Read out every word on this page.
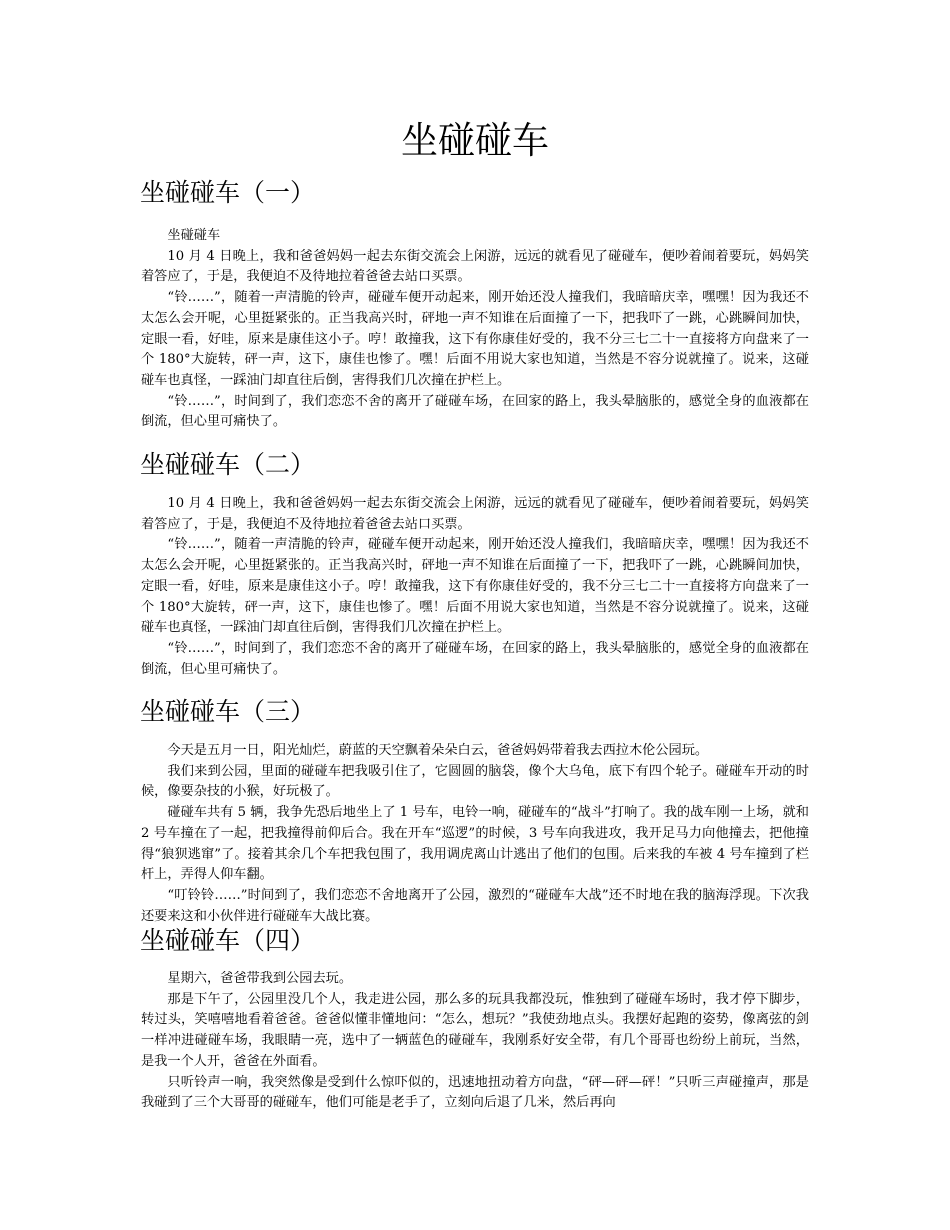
坐碰碰车
坐碰碰车（一）

坐碰碰车

10 月 4 日晚上，我和爸爸妈妈一起去东街交流会上闲游，远远的就看见了碰碰车，便吵着闹着要玩，妈妈笑着答应了，于是，我便迫不及待地拉着爸爸去站口买票。

“铃……”，随着一声清脆的铃声，碰碰车便开动起来，刚开始还没人撞我们，我暗暗庆幸，嘿嘿！因为我还不太怎么会开呢，心里挺紧张的。正当我高兴时，砰地一声不知谁在后面撞了一下，把我吓了一跳，心跳瞬间加快，定眼一看，好哇，原来是康佳这小子。哼！敢撞我，这下有你康佳好受的，我不分三七二十一直接将方向盘来了一个 180°大旋转，砰一声，这下，康佳也惨了。嘿！后面不用说大家也知道，当然是不容分说就撞了。说来，这碰碰车也真怪，一踩油门却直往后倒，害得我们几次撞在护栏上。

“铃……”，时间到了，我们恋恋不舍的离开了碰碰车场，在回家的路上，我头晕脑胀的，感觉全身的血液都在倒流，但心里可痛快了。

坐碰碰车（二）

10 月 4 日晚上，我和爸爸妈妈一起去东街交流会上闲游，远远的就看见了碰碰车，便吵着闹着要玩，妈妈笑着答应了，于是，我便迫不及待地拉着爸爸去站口买票。

“铃……”，随着一声清脆的铃声，碰碰车便开动起来，刚开始还没人撞我们，我暗暗庆幸，嘿嘿！因为我还不太怎么会开呢，心里挺紧张的。正当我高兴时，砰地一声不知谁在后面撞了一下，把我吓了一跳，心跳瞬间加快，定眼一看，好哇，原来是康佳这小子。哼！敢撞我，这下有你康佳好受的，我不分三七二十一直接将方向盘来了一个 180°大旋转，砰一声，这下，康佳也惨了。嘿！后面不用说大家也知道，当然是不容分说就撞了。说来，这碰碰车也真怪，一踩油门却直往后倒，害得我们几次撞在护栏上。

“铃……”，时间到了，我们恋恋不舍的离开了碰碰车场，在回家的路上，我头晕脑胀的，感觉全身的血液都在倒流，但心里可痛快了。

坐碰碰车（三）

今天是五月一日，阳光灿烂，蔚蓝的天空飘着朵朵白云，爸爸妈妈带着我去西拉木伦公园玩。

我们来到公园，里面的碰碰车把我吸引住了，它圆圆的脑袋，像个大乌龟，底下有四个轮子。碰碰车开动的时候，像要杂技的小猴，好玩极了。

碰碰车共有 5 辆，我争先恐后地坐上了 1 号车，电铃一响，碰碰车的“战斗”打响了。我的战车刚一上场，就和 2 号车撞在了一起，把我撞得前仰后合。我在开车“巡逻”的时候，3 号车向我进攻，我开足马力向他撞去，把他撞得“狼狈逃窜”了。接着其余几个车把我包围了，我用调虎离山计逃出了他们的包围。后来我的车被 4 号车撞到了栏杆上，弄得人仰车翻。

“叮铃铃……”时间到了，我们恋恋不舍地离开了公园，激烈的“碰碰车大战”还不时地在我的脑海浮现。下次我还要来这和小伙伴进行碰碰车大战比赛。

坐碰碰车（四）

星期六，爸爸带我到公园去玩。

那是下午了，公园里没几个人，我走进公园，那么多的玩具我都没玩，惟独到了碰碰车场时，我才停下脚步，转过头，笑嘻嘻地看着爸爸。爸爸似懂非懂地问：“怎么，想玩？”我使劲地点头。我摆好起跑的姿势，像离弦的剑一样冲进碰碰车场，我眼睛一亮，选中了一辆蓝色的碰碰车，我刚系好安全带，有几个哥哥也纷纷上前玩，当然，是我一个人开，爸爸在外面看。

只听铃声一响，我突然像是受到什么惊吓似的，迅速地扭动着方向盘，“砰—砰—砰！”只听三声碰撞声，那是我碰到了三个大哥哥的碰碰车，他们可能是老手了，立刻向后退了几米，然后再向
